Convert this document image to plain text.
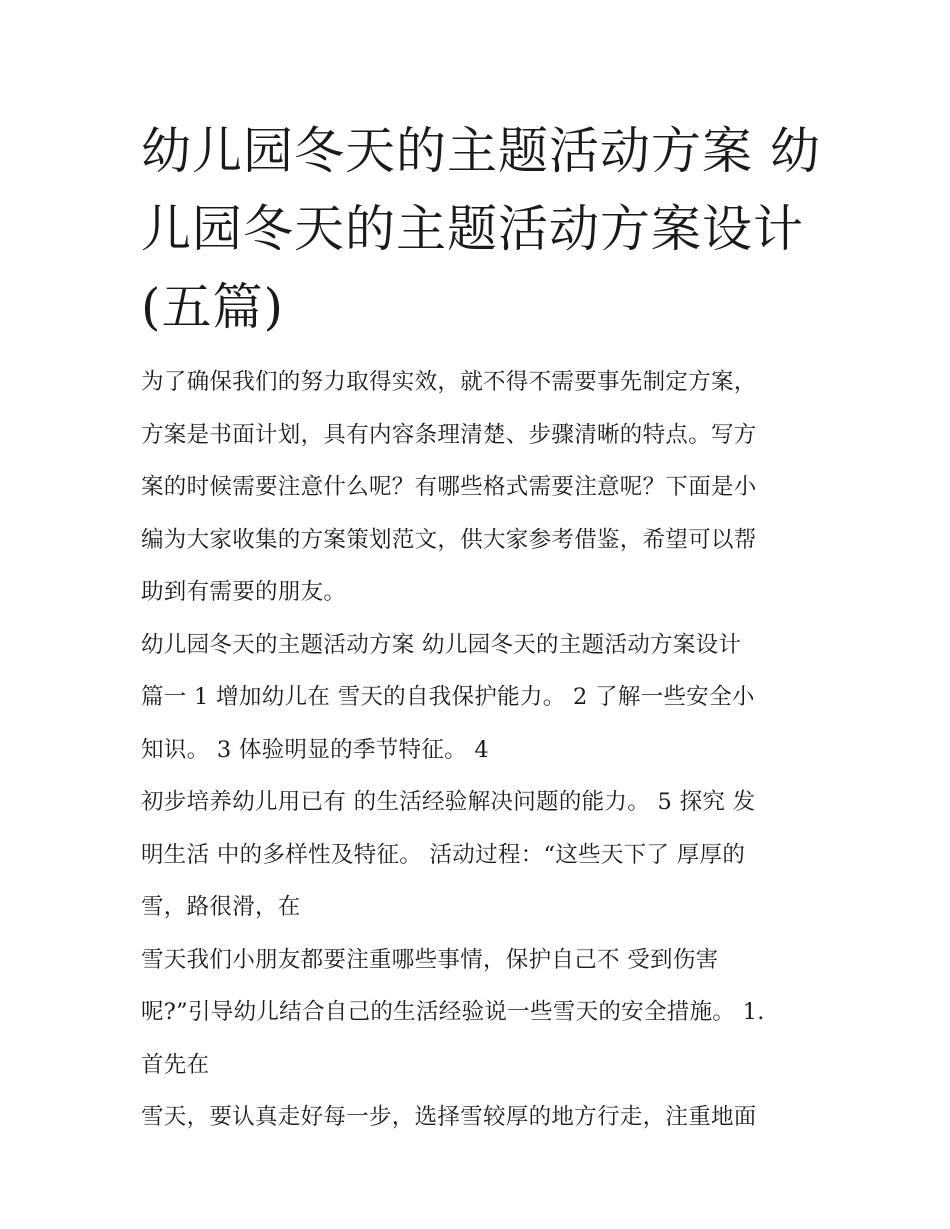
幼儿园冬天的主题活动方案 幼
儿园冬天的主题活动方案设计
(五篇)

为了确保我们的努力取得实效，就不得不需要事先制定方案，
方案是书面计划，具有内容条理清楚、步骤清晰的特点。写方
案的时候需要注意什么呢？有哪些格式需要注意呢？下面是小
编为大家收集的方案策划范文，供大家参考借鉴，希望可以帮
助到有需要的朋友。

幼儿园冬天的主题活动方案 幼儿园冬天的主题活动方案设计
篇一 1 增加幼儿在 雪天的自我保护能力。 2 了解一些安全小
知识。 3 体验明显的季节特征。 4
初步培养幼儿用已有 的生活经验解决问题的能力。 5 探究 发
明生活 中的多样性及特征。 活动过程：“这些天下了 厚厚的
雪，路很滑，在
雪天我们小朋友都要注重哪些事情，保护自己不 受到伤害
呢?”引导幼儿结合自己的生活经验说一些雪天的安全措施。 1.
首先在
雪天，要认真走好每一步，选择雪较厚的地方行走，注重地面
